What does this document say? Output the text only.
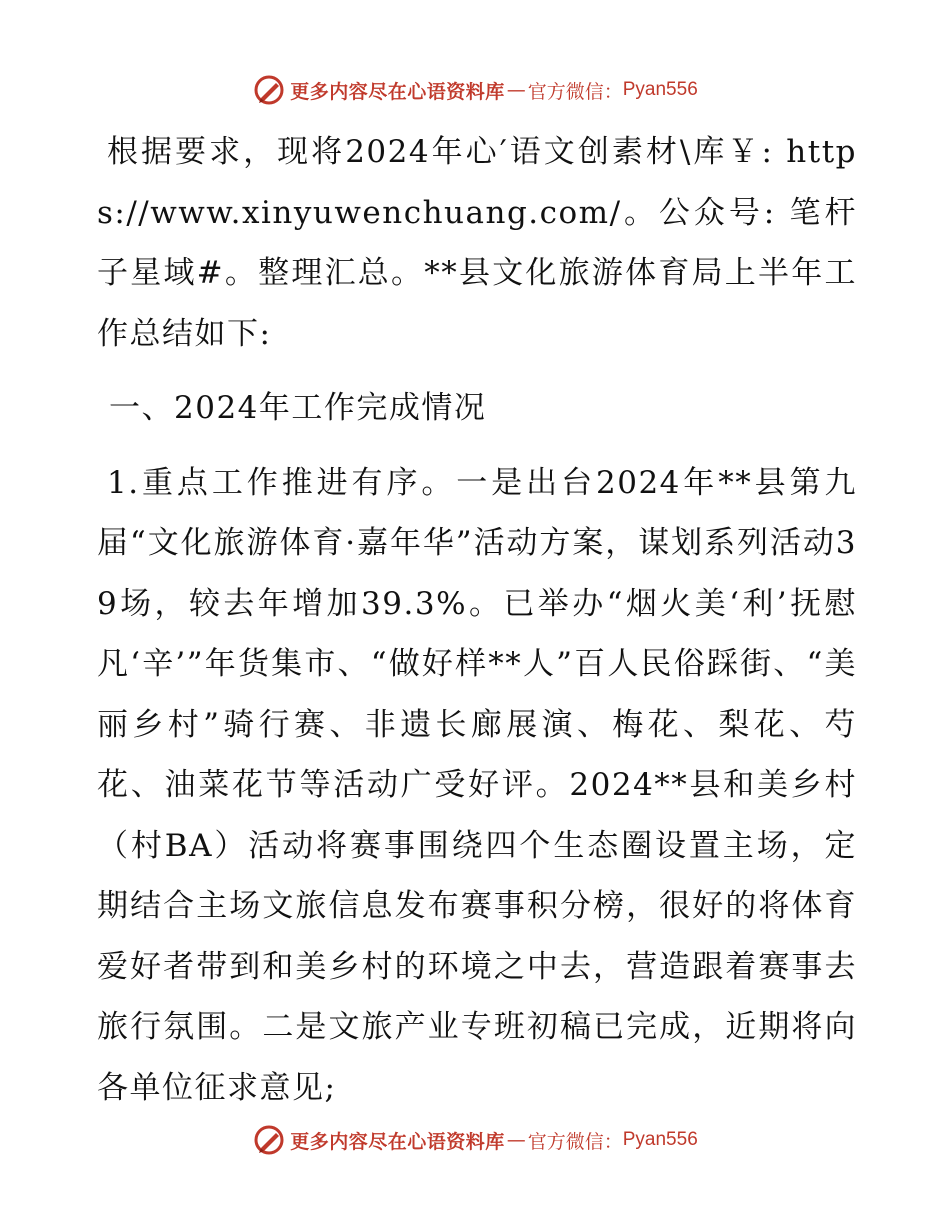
更多内容尽在心语资料库 — 官方微信： Pyan556

根据要求，现将2024年心′语文创素材\库￥: https://www.xinyuwenchuang.com/。公众号: 笔杆子星域#。整理汇总。**县文化旅游体育局上半年工作总结如下:

一、2024年工作完成情况

1.重点工作推进有序。一是出台2024年**县第九届“文化旅游体育·嘉年华”活动方案，谋划系列活动39场，较去年增加39.3%。已举办“烟火美‘利’抚慰凡‘辛’”年货集市、“做好样**人”百人民俗踩街、“美丽乡村”骑行赛、非遗长廊展演、梅花、梨花、芍花、油菜花节等活动广受好评。2024**县和美乡村（村BA）活动将赛事围绕四个生态圈设置主场，定期结合主场文旅信息发布赛事积分榜，很好的将体育爱好者带到和美乡村的环境之中去，营造跟着赛事去旅行氛围。二是文旅产业专班初稿已完成，近期将向各单位征求意见;

更多内容尽在心语资料库 — 官方微信： Pyan556
